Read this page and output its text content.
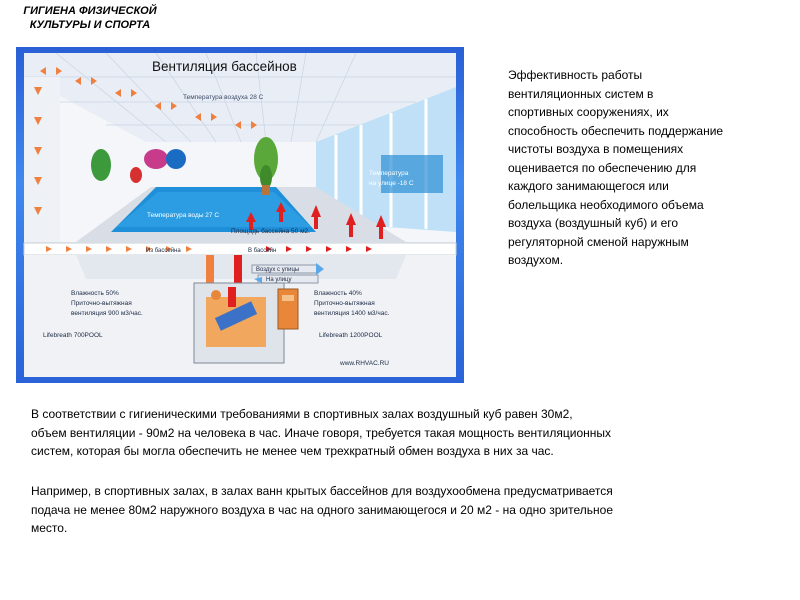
ГИГИЕНА ФИЗИЧЕСКОЙ
КУЛЬТУРЫ И СПОРТА
Вентиляция бассейнов
Температура воздуха 28 С
Температура
на улице -18 С
Температура воды 27 С
Площадь бассейна 50 м2.
Из бассейна	В бассейн
Воздух с улицы
На улицу
Влажность 50%
Приточно-вытяжная
вентиляция 900 м3/час.
Влажность 40%
Приточно-вытяжная
вентиляция 1400 м3/час.
Lifebreath 700POOL	Lifebreath 1200POOL
www.RHVAC.RU
Эффективность работы
вентиляционных систем в
спортивных сооружениях, их
способность обеспечить поддержание
чистоты воздуха в помещениях
оценивается по обеспечению для
каждого занимающегося или
болельщика необходимого объема
воздуха (воздушный куб) и его
регуляторной сменой наружным
воздухом.
В соответствии с гигиеническими требованиями в спортивных залах воздушный куб равен 30м2,
объем вентиляции - 90м2 на человека в час. Иначе говоря, требуется такая мощность вентиляционных
систем, которая бы могла обеспечить не менее чем трехкратный обмен воздуха в них за час.
Например, в спортивных залах, в залах ванн крытых бассейнов для воздухообмена предусматривается
подача не менее 80м2 наружного воздуха в час на одного занимающегося и 20 м2 - на одно зрительное
место.
